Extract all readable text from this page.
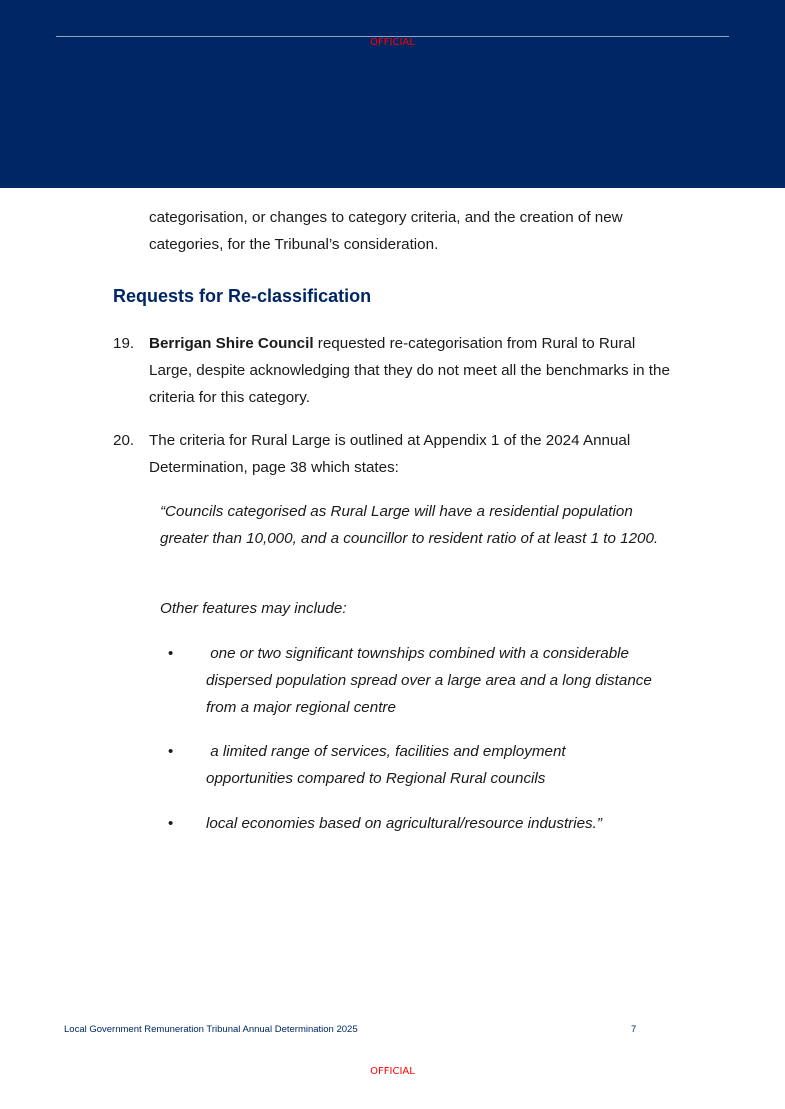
OFFICIAL

categorisation, or changes to category criteria, and the creation of new categories, for the Tribunal’s consideration.

Requests for Re-classification
19. Berrigan Shire Council requested re-categorisation from Rural to Rural Large, despite acknowledging that they do not meet all the benchmarks in the criteria for this category.

20. The criteria for Rural Large is outlined at Appendix 1 of the 2024 Annual Determination, page 38 which states:

“Councils categorised as Rural Large will have a residential population greater than 10,000, and a councillor to resident ratio of at least 1 to 1200.

Other features may include:

• one or two significant townships combined with a considerable dispersed population spread over a large area and a long distance from a major regional centre

• a limited range of services, facilities and employment opportunities compared to Regional Rural councils

• local economies based on agricultural/resource industries.”

Local Government Remuneration Tribunal Annual Determination 2025	7
OFFICIAL
